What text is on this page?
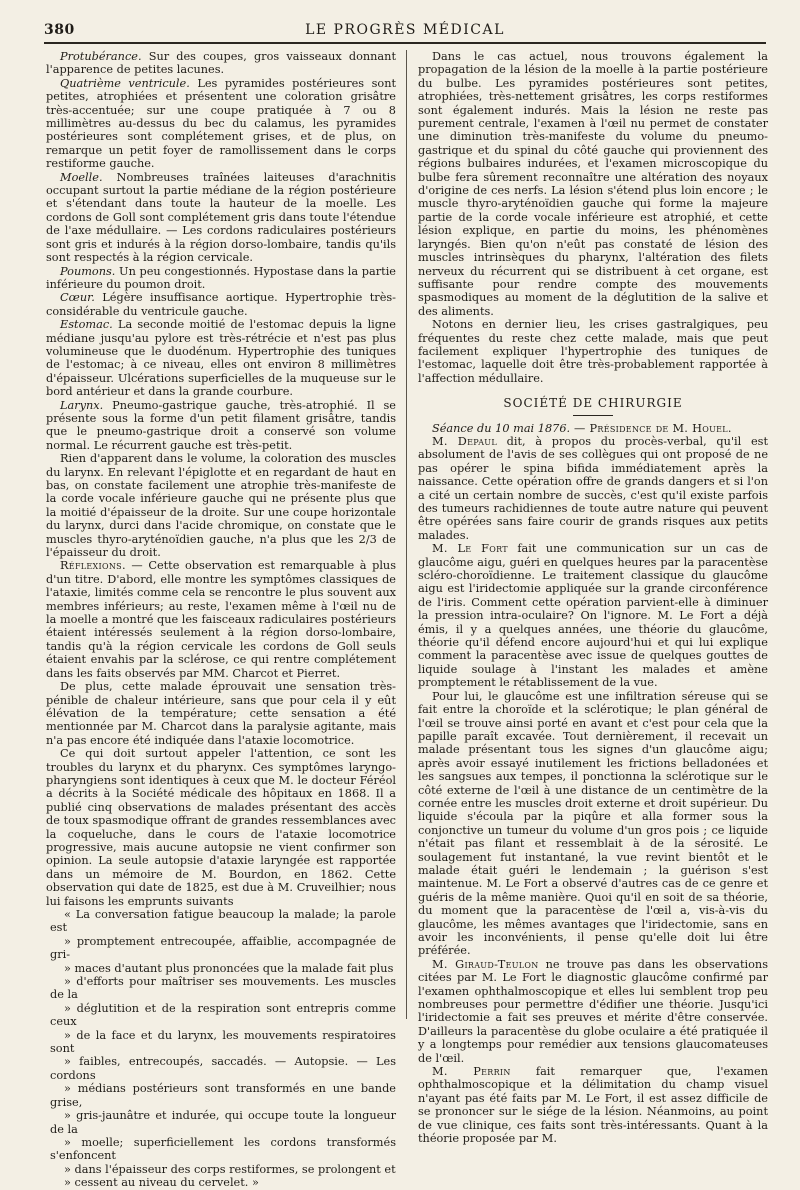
380	LE PROGRÈS MÉDICAL

Protubérance. Sur des coupes, gros vaisseaux donnant l'apparence de petites lacunes.

Quatrième ventricule. Les pyramides postérieures sont petites, atrophiées et présentent une coloration grisâtre très-accentuée; sur une coupe pratiquée à 7 ou 8 millimètres au-dessus du bec du calamus, les pyramides postérieures sont complétement grises, et de plus, on remarque un petit foyer de ramollissement dans le corps restiforme gauche.

Moelle. Nombreuses traînées laiteuses d'arachnitis occupant surtout la partie médiane de la région postérieure et s'étendant dans toute la hauteur de la moelle. Les cordons de Goll sont complétement gris dans toute l'étendue de l'axe médullaire. — Les cordons radiculaires postérieurs sont gris et indurés à la région dorso-lombaire, tandis qu'ils sont respectés à la région cervicale.

Poumons. Un peu congestionnés. Hypostase dans la partie inférieure du poumon droit.

Cœur. Légère insuffisance aortique. Hypertrophie très-considérable du ventricule gauche.

Estomac. La seconde moitié de l'estomac depuis la ligne médiane jusqu'au pylore est très-rétrécie et n'est pas plus volumineuse que le duodénum. Hypertrophie des tuniques de l'estomac; à ce niveau, elles ont environ 8 millimètres d'épaisseur. Ulcérations superficielles de la muqueuse sur le bord antérieur et dans la grande courbure.

Larynx. Pneumo-gastrique gauche, très-atrophié. Il se présente sous la forme d'un petit filament grisâtre, tandis que le pneumo-gastrique droit a conservé son volume normal. Le récurrent gauche est très-petit.

Rien d'apparent dans le volume, la coloration des muscles du larynx. En relevant l'épiglotte et en regardant de haut en bas, on constate facilement une atrophie très-manifeste de la corde vocale inférieure gauche qui ne présente plus que la moitié d'épaisseur de la droite. Sur une coupe horizontale du larynx, durci dans l'acide chromique, on constate que le muscles thyro-aryténoïdien gauche, n'a plus que les 2/3 de l'épaisseur du droit.

Réflexions. — Cette observation est remarquable à plus d'un titre. D'abord, elle montre les symptômes classiques de l'ataxie, limités comme cela se rencontre le plus souvent aux membres inférieurs; au reste, l'examen même à l'œil nu de la moelle a montré que les faisceaux radiculaires postérieurs étaient intéressés seulement à la région dorso-lombaire, tandis qu'à la région cervicale les cordons de Goll seuls étaient envahis par la sclérose, ce qui rentre complétement dans les faits observés par MM. Charcot et Pierret.

De plus, cette malade éprouvait une sensation très-pénible de chaleur intérieure, sans que pour cela il y eût élévation de la température; cette sensation a été mentionnée par M. Charcot dans la paralysie agitante, mais n'a pas encore été indiquée dans l'ataxie locomotrice.

Ce qui doit surtout appeler l'attention, ce sont les troubles du larynx et du pharynx. Ces symptômes laryngo-pharyngiens sont identiques à ceux que M. le docteur Féréol a décrits à la Société médicale des hôpitaux en 1868. Il a publié cinq observations de malades présentant des accès de toux spasmodique offrant de grandes ressemblances avec la coqueluche, dans le cours de l'ataxie locomotrice progressive, mais aucune autopsie ne vient confirmer son opinion. La seule autopsie d'ataxie laryngée est rapportée dans un mémoire de M. Bourdon, en 1862. Cette observation qui date de 1825, est due à M. Cruveilhier; nous lui faisons les emprunts suivants

« La conversation fatigue beaucoup la malade; la parole est

» promptement entrecoupée, affaiblie, accompagnée de gri-

» maces d'autant plus prononcées que la malade fait plus

» d'efforts pour maîtriser ses mouvements. Les muscles de la

» déglutition et de la respiration sont entrepris comme ceux

» de la face et du larynx, les mouvements respiratoires sont

» faibles, entrecoupés, saccadés. — Autopsie. — Les cordons

» médians postérieurs sont transformés en une bande grise,

» gris-jaunâtre et indurée, qui occupe toute la longueur de la

» moelle; superficiellement les cordons transformés s'enfoncent

» dans l'épaisseur des corps restiformes, se prolongent et

» cessent au niveau du cervelet. »

Dans le cas actuel, nous trouvons également la propagation de la lésion de la moelle à la partie postérieure du bulbe. Les pyramides postérieures sont petites, atrophiées, très-nettement grisâtres, les corps restiformes sont également indurés. Mais la lésion ne reste pas purement centrale, l'examen à l'œil nu permet de constater une diminution très-manifeste du volume du pneumo-gastrique et du spinal du côté gauche qui proviennent des régions bulbaires indurées, et l'examen microscopique du bulbe fera sûrement reconnaître une altération des noyaux d'origine de ces nerfs. La lésion s'étend plus loin encore ; le muscle thyro-aryténoïdien gauche qui forme la majeure partie de la corde vocale inférieure est atrophié, et cette lésion explique, en partie du moins, les phénomènes laryngés. Bien qu'on n'eût pas constaté de lésion des muscles intrinsèques du pharynx, l'altération des filets nerveux du récurrent qui se distribuent à cet organe, est suffisante pour rendre compte des mouvements spasmodiques au moment de la déglutition de la salive et des aliments.

Notons en dernier lieu, les crises gastralgiques, peu fréquentes du reste chez cette malade, mais que peut facilement expliquer l'hypertrophie des tuniques de l'estomac, laquelle doit être très-probablement rapportée à l'affection médullaire.

SOCIÉTÉ DE CHIRURGIE

Séance du 10 mai 1876. — Présidence de M. Houel.

M. Depaul dit, à propos du procès-verbal, qu'il est absolument de l'avis de ses collègues qui ont proposé de ne pas opérer le spina bifida immédiatement après la naissance. Cette opération offre de grands dangers et si l'on a cité un certain nombre de succès, c'est qu'il existe parfois des tumeurs rachidiennes de toute autre nature qui peuvent être opérées sans faire courir de grands risques aux petits malades.

M. Le Fort fait une communication sur un cas de glaucôme aigu, guéri en quelques heures par la paracentèse scléro-choroïdienne. Le traitement classique du glaucôme aigu est l'iridectomie appliquée sur la grande circonférence de l'iris. Comment cette opération parvient-elle à diminuer la pression intra-oculaire? On l'ignore. M. Le Fort a déjà émis, il y a quelques années, une théorie du glaucôme, théorie qu'il défend encore aujourd'hui et qui lui explique comment la paracentèse avec issue de quelques gouttes de liquide soulage à l'instant les malades et amène promptement le rétablissement de la vue.

Pour lui, le glaucôme est une infiltration séreuse qui se fait entre la choroïde et la sclérotique; le plan général de l'œil se trouve ainsi porté en avant et c'est pour cela que la papille paraît excavée. Tout dernièrement, il recevait un malade présentant tous les signes d'un glaucôme aigu; après avoir essayé inutilement les frictions belladonées et les sangsues aux tempes, il ponctionna la sclérotique sur le côté externe de l'œil à une distance de un centimètre de la cornée entre les muscles droit externe et droit supérieur. Du liquide s'écoula par la piqûre et alla former sous la conjonctive un tumeur du volume d'un gros pois ; ce liquide n'était pas filant et ressemblait à de la sérosité. Le soulagement fut instantané, la vue revint bientôt et le malade était guéri le lendemain ; la guérison s'est maintenue. M. Le Fort a observé d'autres cas de ce genre et guéris de la même manière. Quoi qu'il en soit de sa théorie, du moment que la paracentèse de l'œil a, vis-à-vis du glaucôme, les mêmes avantages que l'iridectomie, sans en avoir les inconvénients, il pense qu'elle doit lui être préférée.

M. Giraud-Teulon ne trouve pas dans les observations citées par M. Le Fort le diagnostic glaucôme confirmé par l'examen ophthalmoscopique et elles lui semblent trop peu nombreuses pour permettre d'édifier une théorie. Jusqu'ici l'iridectomie a fait ses preuves et mérite d'être conservée. D'ailleurs la paracentèse du globe oculaire a été pratiquée il y a longtemps pour remédier aux tensions glaucomateuses de l'œil.

M. Perrin fait remarquer que, l'examen ophthalmoscopique et la délimitation du champ visuel n'ayant pas été faits par M. Le Fort, il est assez difficile de se prononcer sur le siége de la lésion. Néanmoins, au point de vue clinique, ces faits sont très-intéressants. Quant à la théorie proposée par M.
